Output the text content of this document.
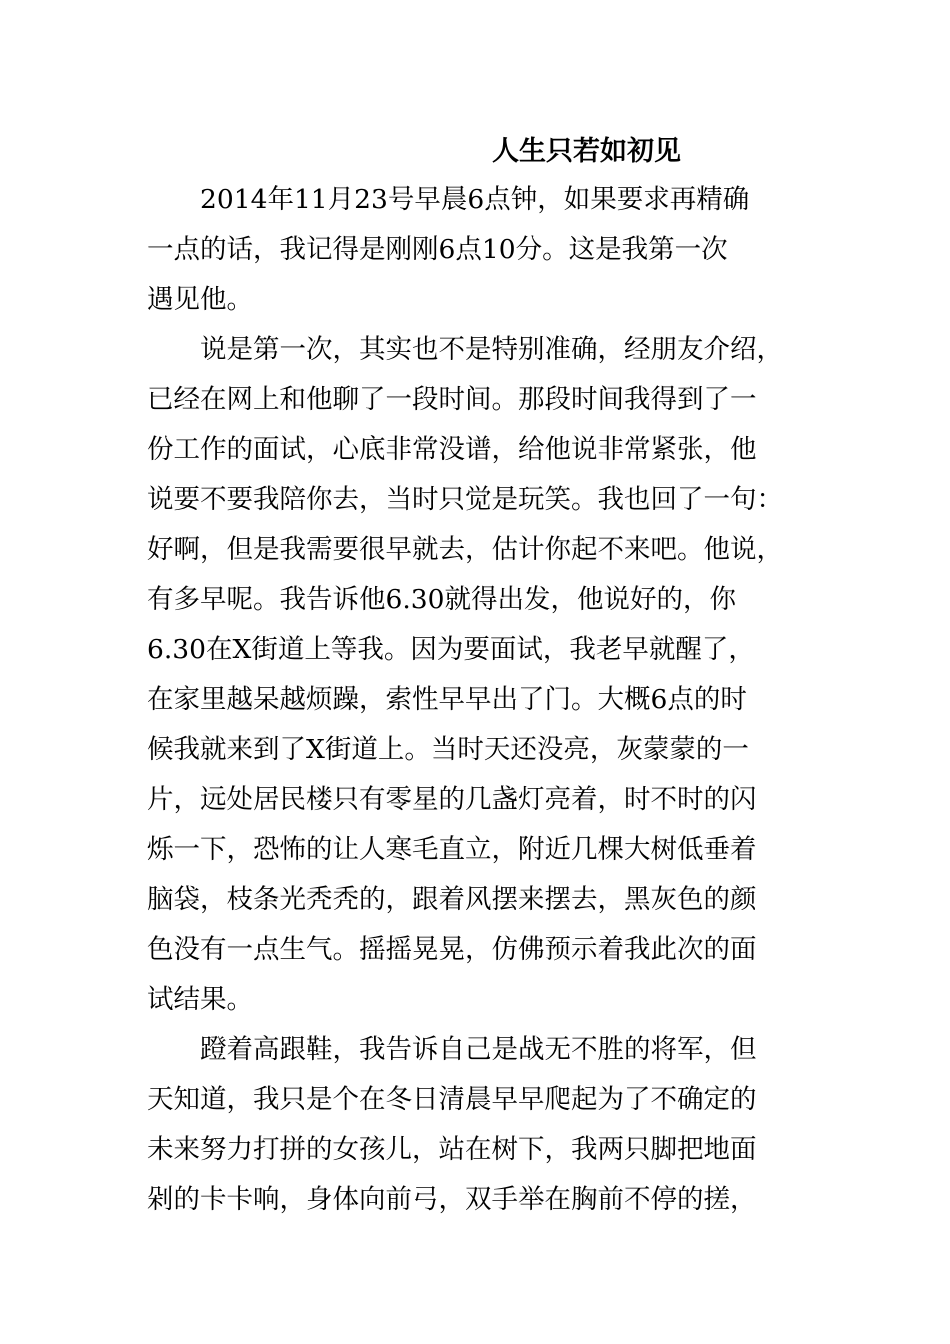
人生只若如初见
2014年11月23号早晨6点钟，如果要求再精确
一点的话，我记得是刚刚6点10分。这是我第一次
遇见他。
说是第一次，其实也不是特别准确，经朋友介绍，
已经在网上和他聊了一段时间。那段时间我得到了一
份工作的面试，心底非常没谱，给他说非常紧张，他
说要不要我陪你去，当时只觉是玩笑。我也回了一句：
好啊，但是我需要很早就去，估计你起不来吧。他说，
有多早呢。我告诉他6.30就得出发，他说好的，你
6.30在X街道上等我。因为要面试，我老早就醒了，
在家里越呆越烦躁，索性早早出了门。大概6点的时
候我就来到了X街道上。当时天还没亮，灰蒙蒙的一
片，远处居民楼只有零星的几盏灯亮着，时不时的闪
烁一下，恐怖的让人寒毛直立，附近几棵大树低垂着
脑袋，枝条光秃秃的，跟着风摆来摆去，黑灰色的颜
色没有一点生气。摇摇晃晃，仿佛预示着我此次的面
试结果。
蹬着高跟鞋，我告诉自己是战无不胜的将军，但
天知道，我只是个在冬日清晨早早爬起为了不确定的
未来努力打拼的女孩儿，站在树下，我两只脚把地面
剁的卡卡响，身体向前弓，双手举在胸前不停的搓，
